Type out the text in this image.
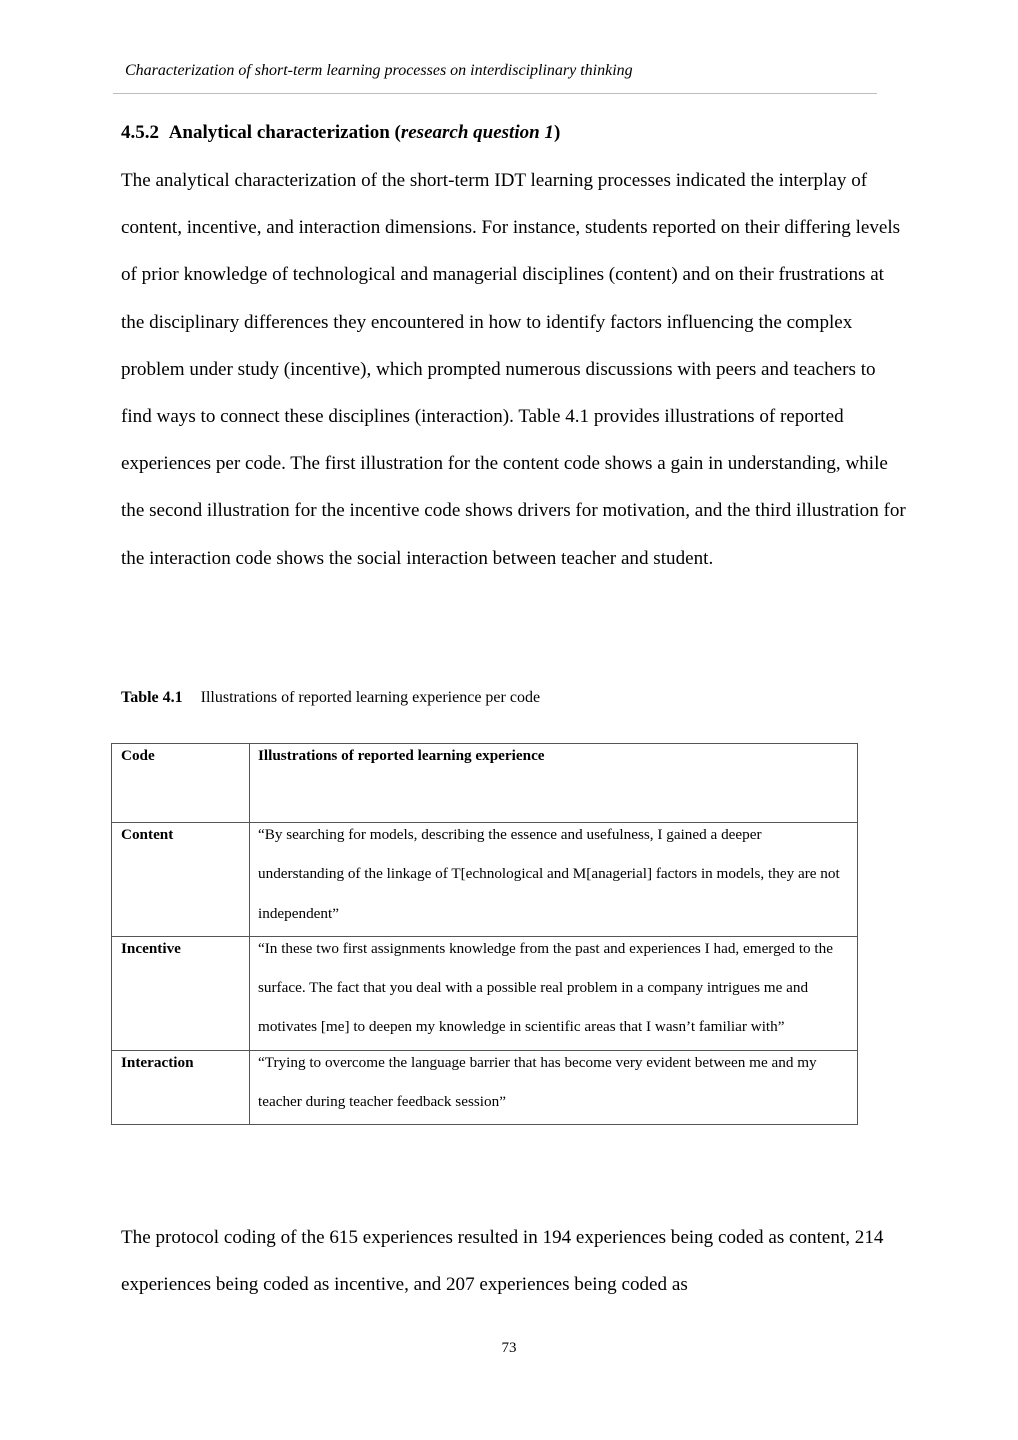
Characterization of short-term learning processes on interdisciplinary thinking
4.5.2 Analytical characterization (research question 1)

The analytical characterization of the short-term IDT learning processes indicated the interplay of content, incentive, and interaction dimensions. For instance, students reported on their differing levels of prior knowledge of technological and managerial disciplines (content) and on their frustrations at the disciplinary differences they encountered in how to identify factors influencing the complex problem under study (incentive), which prompted numerous discussions with peers and teachers to find ways to connect these disciplines (interaction). Table 4.1 provides illustrations of reported experiences per code. The first illustration for the content code shows a gain in understanding, while the second illustration for the incentive code shows drivers for motivation, and the third illustration for the interaction code shows the social interaction between teacher and student.

Table 4.1 Illustrations of reported learning experience per code
Code	Illustrations of reported learning experience

Content	“By searching for models, describing the essence and usefulness, I gained a deeper understanding of the linkage of T[echnological and M[anagerial] factors in models, they are not independent”

Incentive	“In these two first assignments knowledge from the past and experiences I had, emerged to the surface. The fact that you deal with a possible real problem in a company intrigues me and motivates [me] to deepen my knowledge in scientific areas that I wasn’t familiar with”

Interaction	“Trying to overcome the language barrier that has become very evident between me and my teacher during teacher feedback session”

The protocol coding of the 615 experiences resulted in 194 experiences being coded as content, 214 experiences being coded as incentive, and 207 experiences being coded as

73
